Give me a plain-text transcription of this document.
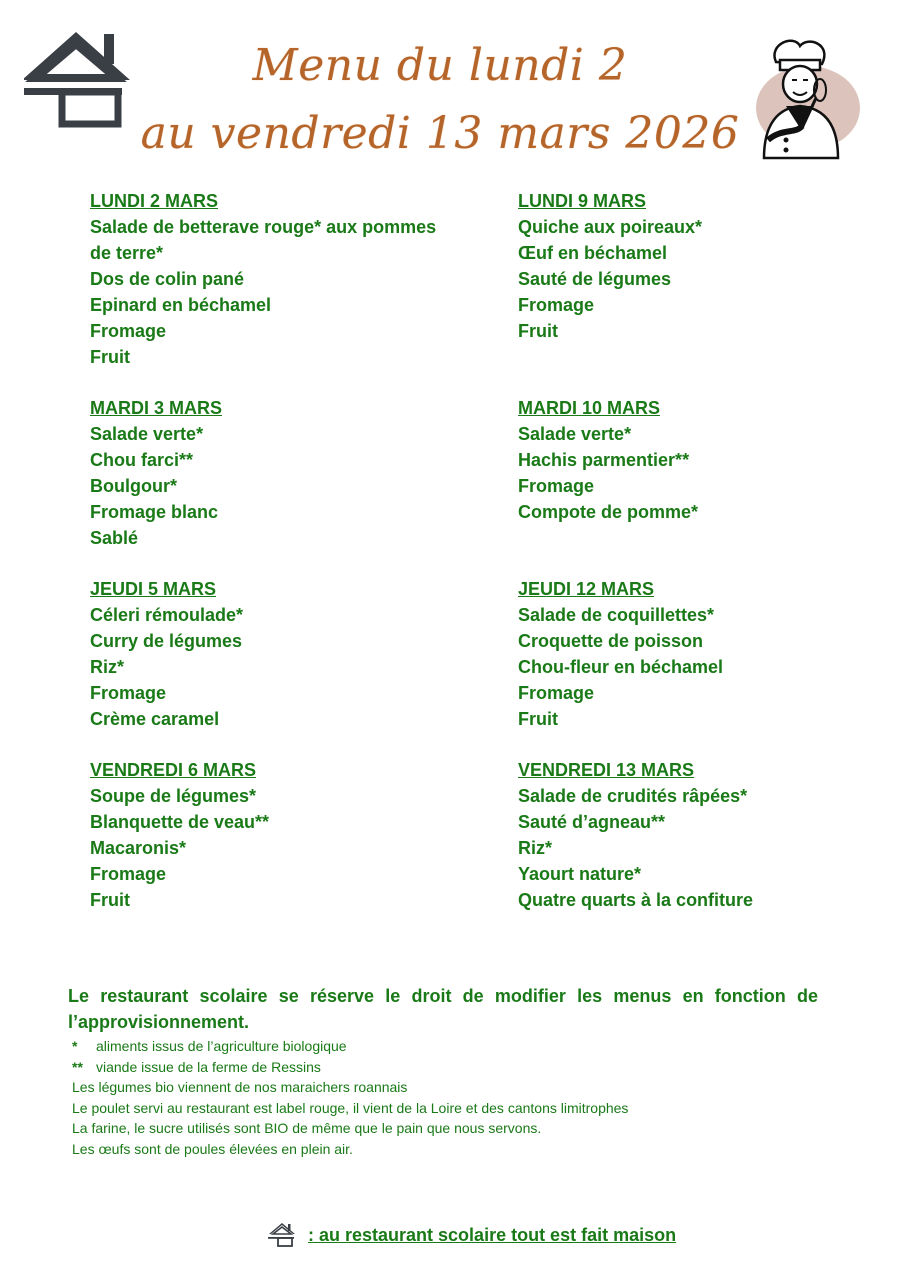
Menu du lundi 2
au vendredi 13 mars 2026
LUNDI 2 MARS
Salade de betterave rouge* aux pommes
de terre*
Dos de colin pané
Epinard en béchamel
Fromage
Fruit
LUNDI 9 MARS
Quiche aux poireaux*
Œuf en béchamel
Sauté de légumes
Fromage
Fruit
MARDI 3 MARS
Salade verte*
Chou farci**
Boulgour*
Fromage blanc
Sablé
MARDI 10 MARS
Salade verte*
Hachis parmentier**
Fromage
Compote de pomme*
JEUDI 5 MARS
Céleri rémoulade*
Curry de légumes
Riz*
Fromage
Crème caramel
JEUDI 12 MARS
Salade de coquillettes*
Croquette de poisson
Chou-fleur en béchamel
Fromage
Fruit
VENDREDI 6 MARS
Soupe de légumes*
Blanquette de veau**
Macaronis*
Fromage
Fruit
VENDREDI 13 MARS
Salade de crudités râpées*
Sauté d’agneau**
Riz*
Yaourt nature*
Quatre quarts à la confiture
Le restaurant scolaire se réserve le droit de modifier les menus en fonction de l’approvisionnement.
* aliments issus de l’agriculture biologique
** viande issue de la ferme de Ressins
Les légumes bio viennent de nos maraichers roannais
Le poulet servi au restaurant est label rouge, il vient de la Loire et des cantons limitrophes
La farine, le sucre utilisés sont BIO de même que le pain que nous servons.
Les œufs sont de poules élevées en plein air.
: au restaurant scolaire tout est fait maison
